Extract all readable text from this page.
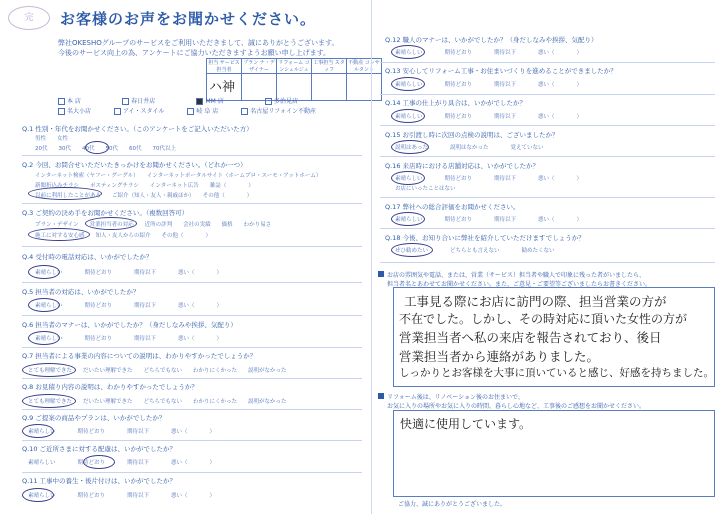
完	お客様のお声をお聞かせください。
弊社OKESHOグループのサービスをご利用いただきまして、誠にありがとうございます。
今後のサービス向上の為、アンケートにご協力いただきますようお願い申し上げます。
担当 サービス担当者	プラン ナ・デザイナー	リフォーム コンシェルジュ	工事担当 スタッフ	不動産 コンサルタント

ハ神
本 店	春日井店	MM 店	多治見店
名大小店	アイ・スタイル	岐 阜 店	名古屋リフォイン不動産
Q.1 性別・年代をお聞かせください。（このアンケートをご記入いただいた方）
男性　　女性
20代　　30代　　40代　　50代　　60代　　70代以上
Q.2 今回、お問合せいただいたきっかけをお聞かせください。（どれか一つ）
インターネット検索（ヤフー・グーグル）　　インターネットポータルサイト（ホームプロ・スーモ・アットホーム）
新聞折込みチラシ　　ポスティングチラシ　　インターネット広告　　雑誌（　　　　）
以前に利用したことがある　　ご紹介（知人・友人・親戚ほか）　　その他（　　　　）
Q.3 ご契約の決め手をお聞かせください。（複数回答可）
プラン・デザイン　　営業担当者の対応　　近所の評判　　会社の実績　　価格　　わかり易さ
施工に対する安心感　　知人・友人からの紹介　　その他（　　　　）
Q.4 受付時の電話対応は、いかがでしたか？
素晴らしい　　　　期待どおり　　　　期待以下　　　　悪い（　　　　）
Q.5 担当者の対応は、いかがでしたか？
素晴らしい　　　　期待どおり　　　　期待以下　　　　悪い（　　　　）
Q.6 担当者のマナーは、いかがでしたか？（身だしなみや挨拶、気配り）
素晴らしい　　　　期待どおり　　　　期待以下　　　　悪い（　　　　）
Q.7 担当者による事業の内容についての説明は、わかりやすかったでしょうか？
とても理解できた　　だいたい理解できた　　どちらでもない　　わかりにくかった　　説明がなかった
Q.8 お見積り内容の説明は、わかりやすかったでしょうか？
とても理解できた　　だいたい理解できた　　どちらでもない　　わかりにくかった　　説明がなかった
Q.9 ご提案の商品やプランは、いかがでしたか？
素晴らしい　　　　期待どおり　　　　期待以下　　　　悪い（　　　　）
Q.10 ご近所さまに対する配慮は、いかがでしたか？
素晴らしい　　　　期待どおり　　　　期待以下　　　　悪い（　　　　）
Q.11 工事中の養生・後片付けは、いかがでしたか？
素晴らしい　　　　期待どおり　　　　期待以下　　　　悪い（　　　　）
Q.12 職人のマナーは、いかがでしたか？（身だしなみや挨拶、気配り）
素晴らしい　　　　期待どおり　　　　期待以下　　　　悪い（　　　　）
Q.13 安心してリフォーム工事・お住まいづくりを進めることができましたか？
素晴らしい　　　　期待どおり　　　　期待以下　　　　悪い（　　　　）
Q.14 工事の仕上がり具合は、いかがでしたか？
素晴らしい　　　　期待どおり　　　　期待以下　　　　悪い（　　　　）
Q.15 お引渡し時に次回の点検の説明は、ございましたか？
説明はあった　　　　説明はなかった　　　　覚えていない
Q.16 来店時における店舗対応は、いかがでしたか？
素晴らしい　　　　期待どおり　　　　期待以下　　　　悪い（　　　　）
お店にいったことはない
Q.17 弊社への総合評価をお聞かせください。
素晴らしい　　　　期待どおり　　　　期待以下　　　　悪い（　　　　）
Q.18 今後、お知り合いに弊社を紹介していただけますでしょうか？
ぜひ勧めたい　　　　どちらとも言えない　　　　勧めたくない
お店の雰囲気や電話、または、営業（サービス）担当者や職人で印象に残った者がいましたら、
担当者名とあわせてお聞かせください。また、ご意見・ご要望等ございましたらお書きください。
工事見る際にお店に訪門の際、担当営業の方が
不在でした。しかし、その時対応に頂いた女性の方が
営業担当者へ私の来店を報告されており、後日
営業担当者から連絡がありました。
しっかりとお客様を大事に頂いていると感じ、好感を持ちました。
リフォーム後は、リノベーション後のお住まいで、
お気に入りの場所やお気に入りの時間、暮らし心地など、工事後のご感想をお聞かせください。
快適に使用しています。
ご協力、誠にありがとうございました。
